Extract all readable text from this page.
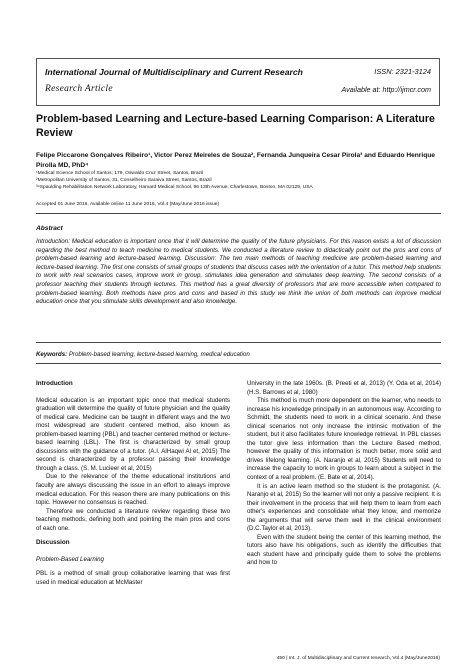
International Journal of Multidisciplinary and Current Research	ISSN: 2321-3124
Research Article	Available at: http://ijmcr.com
Problem-based Learning and Lecture-based Learning Comparison: A Literature Review

Felipe Piccarone Gonçalves Ribeiro¹, Victor Perez Meireles de Souza², Fernanda Junqueira Cesar Pirola³ and Eduardo Henrique Pirolla MD, PhD⁴

¹Medical Science School of Santos; 179, Oswaldo Cruz Street, Santos, Brazil
²Metropolitan University of Santos, 31, Conselheiro Saraiva Street, Santos, Brazil
³⁴Spaulding Rehabilitation Network Laboratory, Harvard Medical School, 96 13th Avenue, Charlestown, Boston, MA 02129, USA

Accepted 01 June 2016, Available online 11 June 2016, Vol.4 (May/June 2016 issue)

Abstract

Introduction: Medical education is important once that it will determine the quality of the future physicians. For this reason exists a lot of discussion regarding the best method to teach medicine to medical students. We conducted a literature review to didactically point out the pros and cons of problem-based learning and lecture-based learning. Discussion: The two main methods of teaching medicine are problem-based learning and lecture-based learning. The first one consists of small groups of students that discuss cases with the orientation of a tutor. This method help students to work with real scenarios cases, improve work in group, stimulates idea generation and stimulates deep learning. The second consists of a professor teaching their students through lectures. This method has a great diversity of professors that are more accessible when compared to problem-based learning. Both methods have pros and cons and based in this study we think the union of both methods can improve medical education once that you stimulate skills development and also knowledge.

Keywords: Problem-based learning, lecture-based learning, medical education

Introduction

Medical education is an important topic once that medical students graduation will determine the quality of future physician and the quality of medical care. Medicine can be taught in different ways and the two most widespread are student centered method, also known as problem-based learning (PBL) and teacher centered method or lecture-based learning (LBL). The first is characterized by small group discussions with the guidance of a tutor. (A.I. AlHaqwi Al et, 2015) The second is characterized by a professor passing their knowledge through a class. (S. M. Lucieer et al, 2015)

Due to the relevance of the theme educational institutions and faculty are always discussing the issue in an effort to always improve medical education. For this reason there are many publications on this topic. However no consensus is reached.

Therefore we conducted a literature review regarding these two teaching methods, defining both and pointing the main pros and cons of each one.

Discussion

Problem-Based Learning

PBL is a method of small group collaborative learning that was first used in medical education at McMaster

University in the late 1960s. (B. Preeti et al, 2013) (Y. Oda et al, 2014) (H.S. Barrows et al, 1980)

This method is much more dependent on the learner, who needs to increase his knowledge principally in an autonomous way. According to Schmidt, the students need to work in a clinical scenario. And these clinical scenarios not only increase the intrinsic motivation of the student, but it also facilitates future knowledge retrieval. In PBL classes the tutor give less information than the Lecture Based method, however the quality of this information is much better, more solid and drives lifelong learning. (A. Naranjo et al, 2015) Students will need to increase the capacity to work in groups to learn about a subject in the context of a real problem. (E. Bate et al, 2014).

It is an active learn method so the student is the protagonist. (A. Naranjo et al, 2015) So the learner will not only a passive recipient. It is their involvement in the process that will help them to learn from each other's experiences and consolidate what they know, and memorize the arguments that will serve them well in the clinical environment (D.C.Taylor et al, 2013).

Even with the student being the center of this learning method, the tutors also have his obligations, such as identify the difficulties that each student have and principally guide them to solve the problems and how to

450 | Int. J. of Multidisciplinary and Current research, Vol.4 (May/June2016)
